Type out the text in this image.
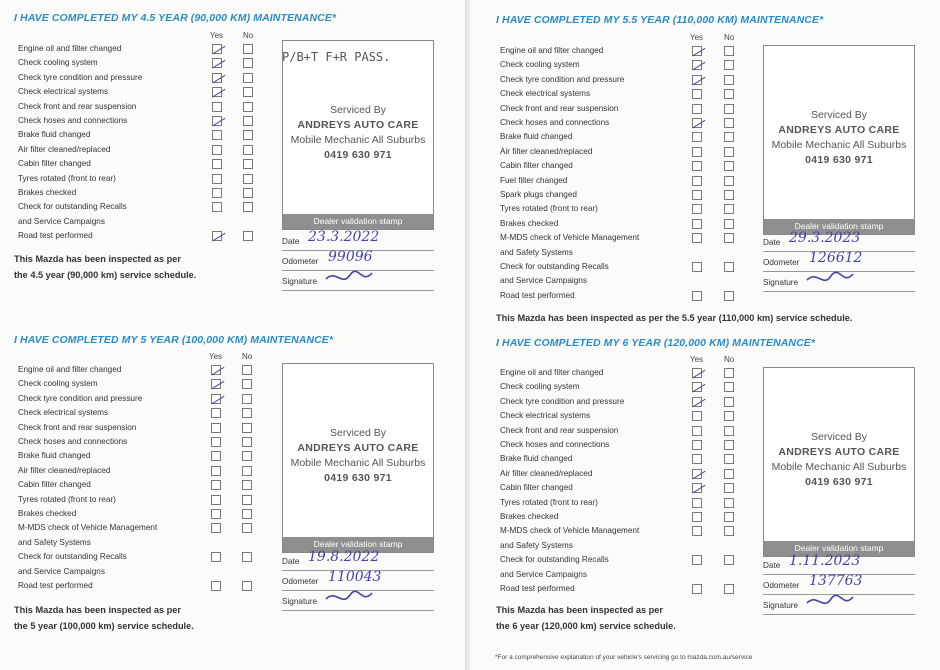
I HAVE COMPLETED MY 4.5 YEAR (90,000 KM) MAINTENANCE*
Yes No
Engine oil and filter changed
Check cooling system
Check tyre condition and pressure
Check electrical systems
Check front and rear suspension
Check hoses and connections
Brake fluid changed
Air filter cleaned/replaced
Cabin filter changed
Tyres rotated (front to rear)
Brakes checked
Check for outstanding Recalls
and Service Campaigns
Road test performed
This Mazda has been inspected as per
the 4.5 year (90,000 km) service schedule.
Serviced By
ANDREYS AUTO CARE
Mobile Mechanic All Suburbs
0419 630 971
Dealer validation stamp
Date 23.3.2022
Odometer 99096
Signature
P/B+T F+R PASS.
I HAVE COMPLETED MY 5.5 YEAR (110,000 KM) MAINTENANCE*
Yes	No
Engine oil and filter changed
Check cooling system
Check tyre condition and pressure
Check electrical systems
Check front and rear suspension
Check hoses and connections
Brake fluid changed
Air filter cleaned/replaced
Cabin filter changed
Fuel filter changed
Spark plugs changed
Tyres rotated (front to rear)
Brakes checked
M-MDS check of Vehicle Management
and Safety Systems
Check for outstanding Recalls
and Service Campaigns
Road test performed
This Mazda has been inspected as per the 5.5 year (110,000 km) service schedule.
Serviced By
ANDREYS AUTO CARE
Mobile Mechanic All Suburbs
0419 630 971
Dealer validation stamp
Date 29.3.2023
Odometer 126612
Signature
I HAVE COMPLETED MY 5 YEAR (100,000 KM) MAINTENANCE*
Yes No
Engine oil and filter changed
Check cooling system
Check tyre condition and pressure
Check electrical systems
Check front and rear suspension
Check hoses and connections
Brake fluid changed
Air filter cleaned/replaced
Cabin filter changed
Tyres rotated (front to rear)
Brakes checked
M-MDS check of Vehicle Management
and Safety Systems
Check for outstanding Recalls
and Service Campaigns
Road test performed
This Mazda has been inspected as per
the 5 year (100,000 km) service schedule.
Serviced By
ANDREYS AUTO CARE
Mobile Mechanic All Suburbs
0419 630 971
Dealer validation stamp
Date 19.8.2022
Odometer 110043
Signature
I HAVE COMPLETED MY 6 YEAR (120,000 KM) MAINTENANCE*
Yes	No
Engine oil and filter changed
Check cooling system
Check tyre condition and pressure
Check electrical systems
Check front and rear suspension
Check hoses and connections
Brake fluid changed
Air filter cleaned/replaced
Cabin filter changed
Tyres rotated (front to rear)
Brakes checked
M-MDS check of Vehicle Management
and Safety Systems
Check for outstanding Recalls
and Service Campaigns
Road test performed
This Mazda has been inspected as per
the 6 year (120,000 km) service schedule.
Serviced By
ANDREYS AUTO CARE
Mobile Mechanic All Suburbs
0419 630 971
Dealer validation stamp
Date 1.11.2023
Odometer 137763
Signature
*For a comprehensive explanation of your vehicle's servicing go to mazda.com.au/service
